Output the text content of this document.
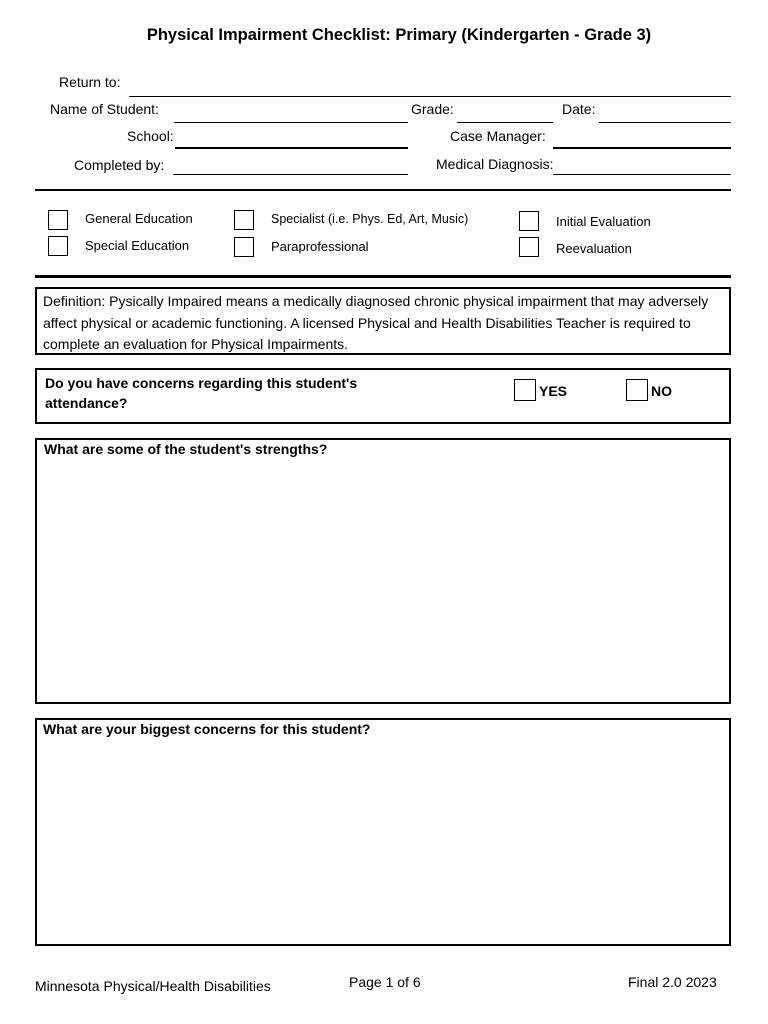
Physical Impairment Checklist: Primary (Kindergarten - Grade 3)
Return to:
Name of Student:	Grade:	Date:
School:	Case Manager:
Completed by:	Medical Diagnosis:
General Education
Special Education
Specialist (i.e. Phys. Ed, Art, Music)
Paraprofessional
Initial Evaluation
Reevaluation
Definition: Pysically Impaired means a medically diagnosed chronic physical impairment that may adversely affect physical or academic functioning. A licensed Physical and Health Disabilities Teacher is required to complete an evaluation for Physical Impairments.
Do you have concerns regarding this student's
attendance?
YES	NO
What are some of the student's strengths?
What are your biggest concerns for this student?
Minnesota Physical/Health Disabilities	Page 1 of 6	Final 2.0 2023
